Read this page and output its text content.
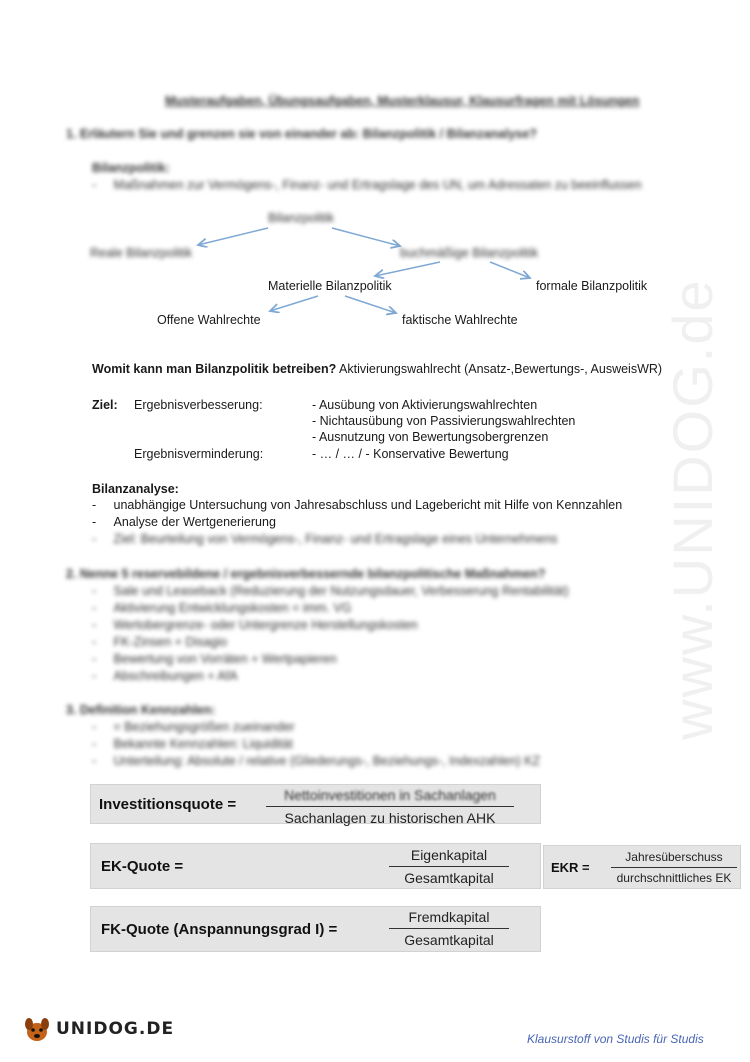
www.UNIDOG.de
Musteraufgaben, Übungsaufgaben, Musterklausur, Klausurfragen mit Lösungen
1. Erläutern Sie und grenzen sie von einander ab: Bilanzpolitik / Bilanzanalyse?
Bilanzpolitik:
-     Maßnahmen zur Vermögens-, Finanz- und Ertragslage des UN, um Adressaten zu beeinflussen
Bilanzpolitik
Reale Bilanzpolitik	buchmäßige Bilanzpolitik
Materielle Bilanzpolitik	formale Bilanzpolitik
Offene Wahlrechte	faktische Wahlrechte
Womit kann man Bilanzpolitik betreiben? Aktivierungswahlrecht (Ansatz-,Bewertungs-, AusweisWR)
Ziel: Ergebnisverbesserung:	- Ausübung von Aktivierungswahlrechten
- Nichtausübung von Passivierungswahlrechten
- Ausnutzung von Bewertungsobergrenzen
Ergebnisverminderung:	- … / … / - Konservative Bewertung
Bilanzanalyse:
-     unabhängige Untersuchung von Jahresabschluss und Lagebericht mit Hilfe von Kennzahlen
-     Analyse der Wertgenerierung
-     Ziel: Beurteilung von Vermögens-, Finanz- und Ertragslage eines Unternehmens
2. Nenne 5 reservebildene / ergebnisverbessernde bilanzpolitische Maßnahmen?
-     Sale und Leaseback (Reduzierung der Nutzungsdauer, Verbesserung Rentabilität)
-     Aktivierung Entwicklungskosten = imm. VG
-     Wertobergrenze- oder Untergrenze Herstellungskosten
-     FK-Zinsen + Disagio
-     Bewertung von Vorräten + Wertpapieren
-     Abschreibungen + AfA
3. Definition Kennzahlen:
-     = Beziehungsgrößen zueinander
-     Bekannte Kennzahlen: Liquidität
-     Unterteilung: Absolute / relative (Gliederungs-, Beziehungs-, Indexzahlen) KZ
Investitionsquote =
Nettoinvestitionen in Sachanlagen
Sachanlagen zu historischen AHK
EK-Quote =
Eigenkapital
Gesamtkapital
EKR =
Jahresüberschuss
durchschnittliches EK
FK-Quote (Anspannungsgrad I) =
Fremdkapital
Gesamtkapital
UNIDOG.DE	Klausurstoff von Studis für Studis
